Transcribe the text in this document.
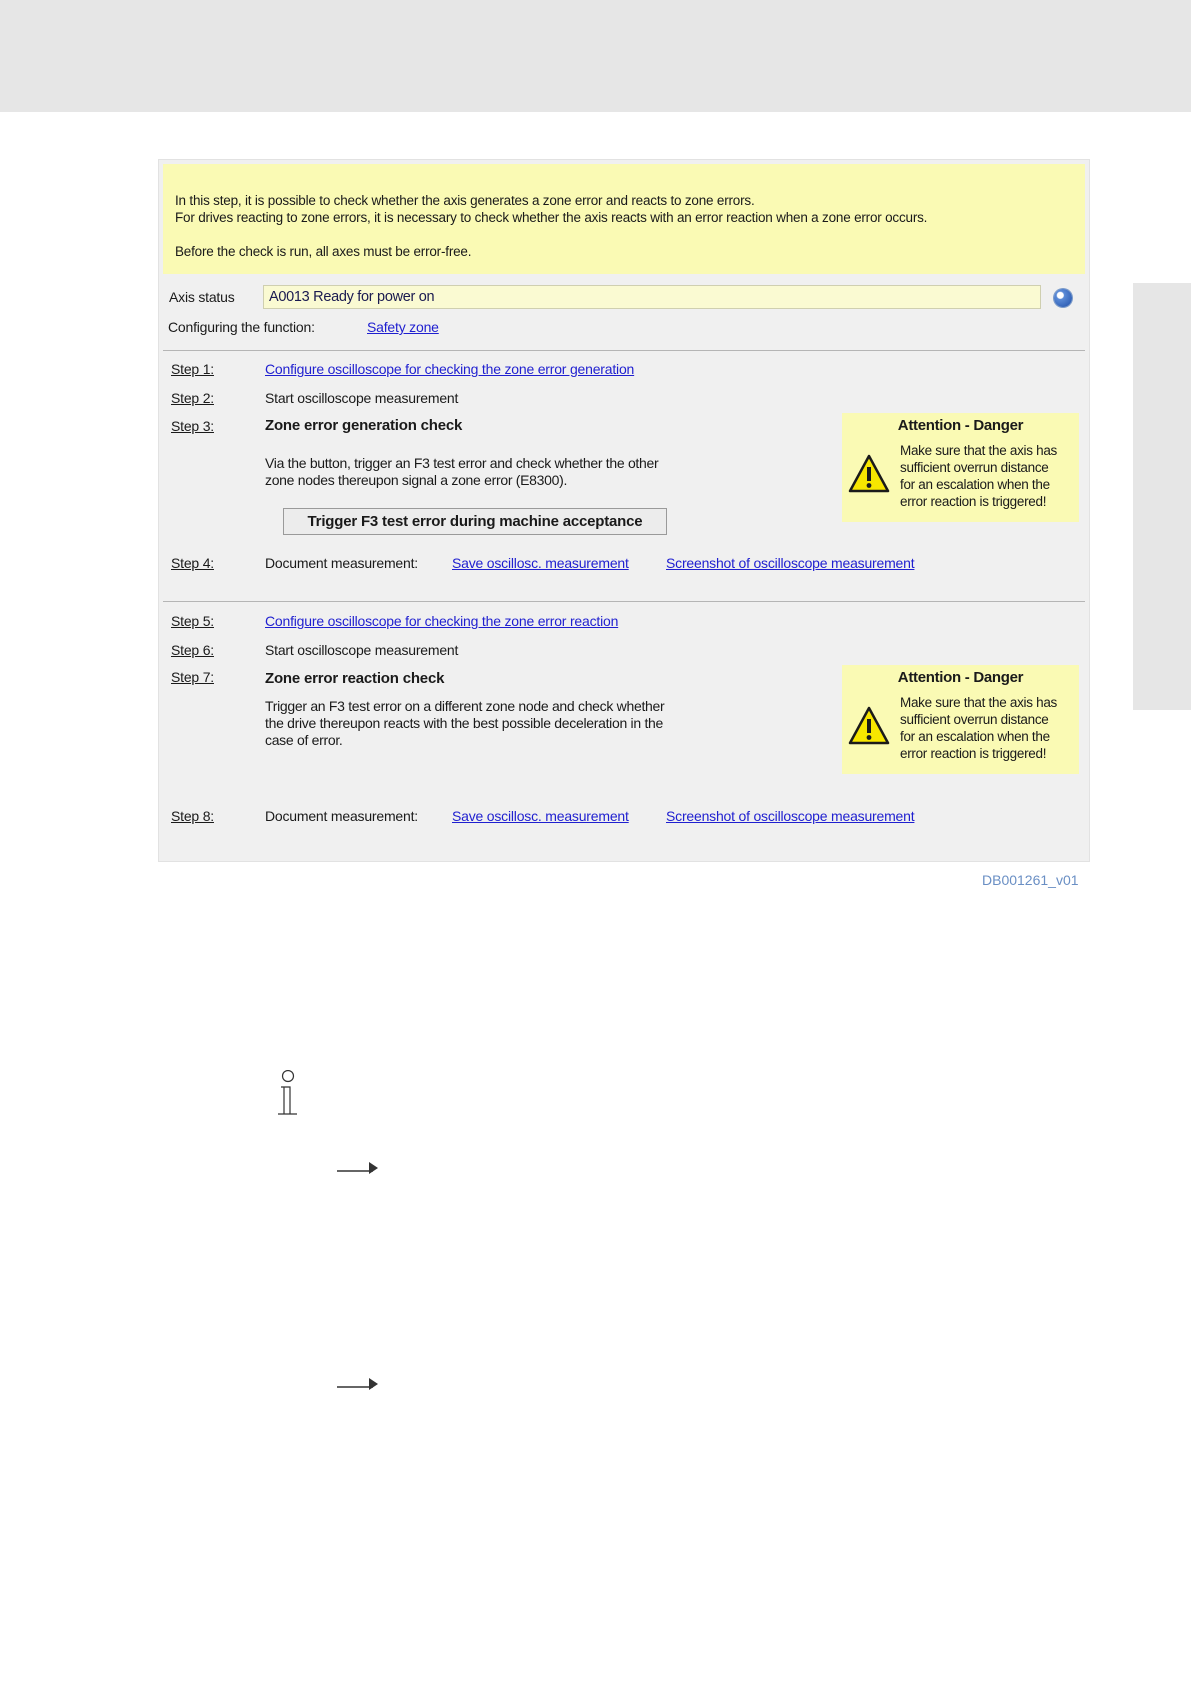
In this step, it is possible to check whether the axis generates a zone error and reacts to zone errors.

For drives reacting to zone errors, it is necessary to check whether the axis reacts with an error reaction when a zone error occurs.

Before the check is run, all axes must be error-free.

Axis status	A0013 Ready for power on
Configuring the function:	Safety zone
Step 1:	Configure oscilloscope for checking the zone error generation
Step 2:	Start oscilloscope measurement
Step 3:	Zone error generation check

Via the button, trigger an F3 test error and check whether the other

zone nodes thereupon signal a zone error (E8300).

Trigger F3 test error during machine acceptance
Attention - Danger

Make sure that the axis has

sufficient overrun distance

for an escalation when the

error reaction is triggered!

Step 4:	Document measurement: Save oscillosc. measurement	Screenshot of oscilloscope measurement
Step 5:	Configure oscilloscope for checking the zone error reaction
Step 6:	Start oscilloscope measurement
Step 7:	Zone error reaction check

Trigger an F3 test error on a different zone node and check whether

the drive thereupon reacts with the best possible deceleration in the

case of error.

Attention - Danger

Make sure that the axis has

sufficient overrun distance

for an escalation when the

error reaction is triggered!

Step 8:	Document measurement: Save oscillosc. measurement	Screenshot of oscilloscope measurement
DB001261_v01
